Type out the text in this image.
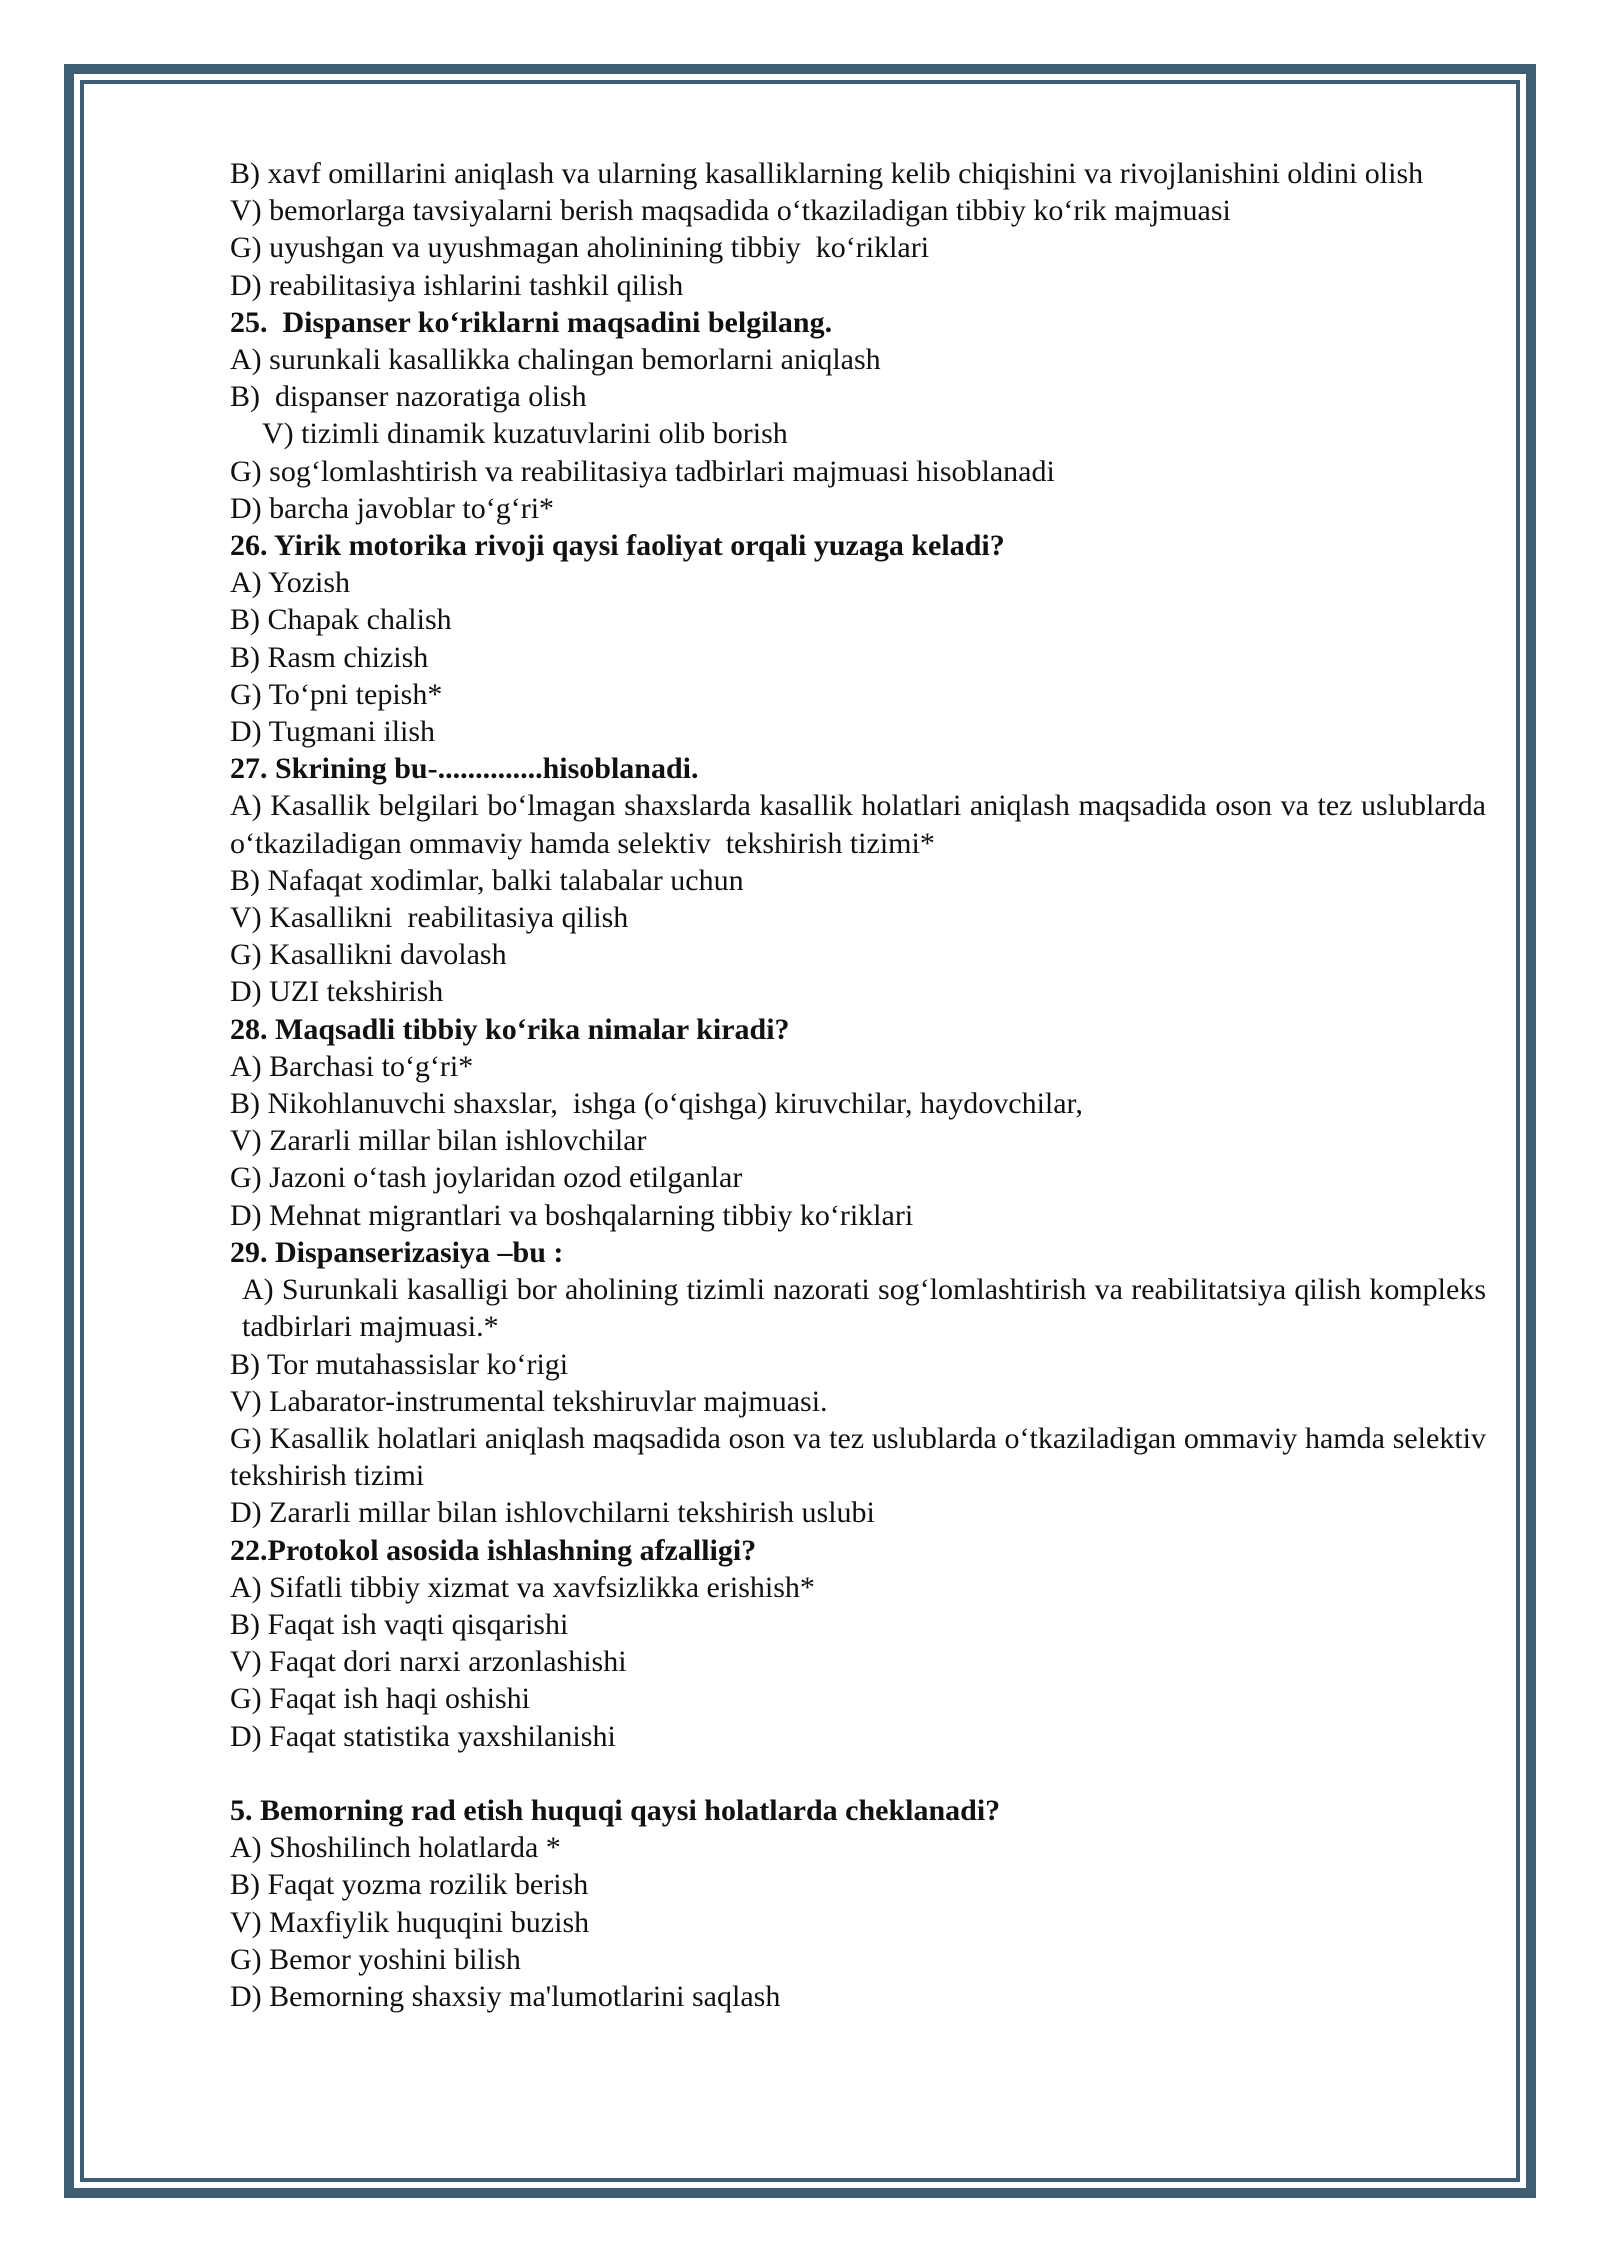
B) xavf omillarini aniqlash va ularning kasalliklarning kelib chiqishini va rivojlanishini oldini olish
V) bemorlarga tavsiyalarni berish maqsadida oʻtkaziladigan tibbiy koʻrik majmuasi
G) uyushgan va uyushmagan aholinining tibbiy  koʻriklari
D) reabilitasiya ishlarini tashkil qilish
25.  Dispanser koʻriklarni maqsadini belgilang.
A) surunkali kasallikka chalingan bemorlarni aniqlash
B)  dispanser nazoratiga olish
V) tizimli dinamik kuzatuvlarini olib borish
G) sogʻlomlashtirish va reabilitasiya tadbirlari majmuasi hisoblanadi
D) barcha javoblar toʻgʻri*
26. Yirik motorika rivoji qaysi faoliyat orqali yuzaga keladi?
A) Yozish
B) Chapak chalish
B) Rasm chizish
G) Toʻpni tepish*
D) Tugmani ilish
27. Skrining bu-..............hisoblanadi.
A) Kasallik belgilari boʻlmagan shaxslarda kasallik holatlari aniqlash maqsadida oson va tez uslublarda oʻtkaziladigan ommaviy hamda selektiv  tekshirish tizimi*
B) Nafaqat xodimlar, balki talabalar uchun
V) Kasallikni  reabilitasiya qilish
G) Kasallikni davolash
D) UZI tekshirish
28. Maqsadli tibbiy koʻrika nimalar kiradi?
A) Barchasi toʻgʻri*
B) Nikohlanuvchi shaxslar,  ishga (oʻqishga) kiruvchilar, haydovchilar,
V) Zararli millar bilan ishlovchilar
G) Jazoni oʻtash joylaridan ozod etilganlar
D) Mehnat migrantlari va boshqalarning tibbiy koʻriklari
29. Dispanserizasiya –bu :
A) Surunkali kasalligi bor aholining tizimli nazorati sogʻlomlashtirish va reabilitatsiya qilish kompleks tadbirlari majmuasi.*
B) Tor mutahassislar koʻrigi
V) Labarator-instrumental tekshiruvlar majmuasi.
G) Kasallik holatlari aniqlash maqsadida oson va tez uslublarda oʻtkaziladigan ommaviy hamda selektiv  tekshirish tizimi
D) Zararli millar bilan ishlovchilarni tekshirish uslubi
22.Protokol asosida ishlashning afzalligi?
A) Sifatli tibbiy xizmat va xavfsizlikka erishish*
B) Faqat ish vaqti qisqarishi
V) Faqat dori narxi arzonlashishi
G) Faqat ish haqi oshishi
D) Faqat statistika yaxshilanishi
5. Bemorning rad etish huquqi qaysi holatlarda cheklanadi?
A) Shoshilinch holatlarda *
B) Faqat yozma rozilik berish
V) Maxfiylik huquqini buzish
G) Bemor yoshini bilish
D) Bemorning shaxsiy ma'lumotlarini saqlash
